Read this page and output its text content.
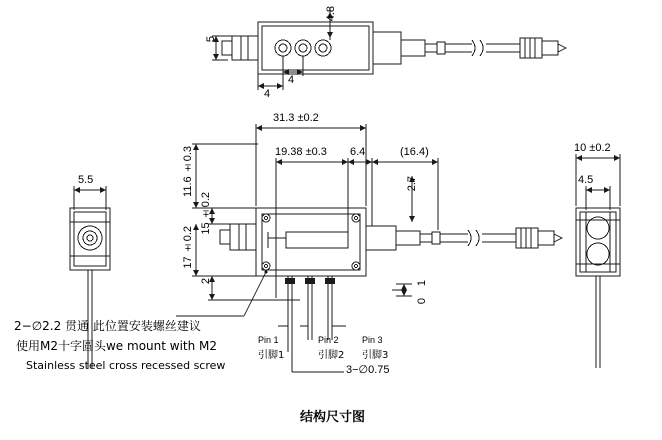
4.8
5
4
4
31.3 ±0.2
19.38 ±0.3 6.4	(16.4)
11.6 ±0.3
15 ±0.2
17 ±0.2
2
2.7
1
0
Pin 1
引脚1
Pin 2
引脚2
Pin 3
引脚3
3−∅0.75
5.5
10 ±0.2
4.5
2−∅2.2 贯通 此位置安装螺丝建议
使用M2十字圆头we mount with M2
Stainless steel cross recessed screw
结构尺寸图
